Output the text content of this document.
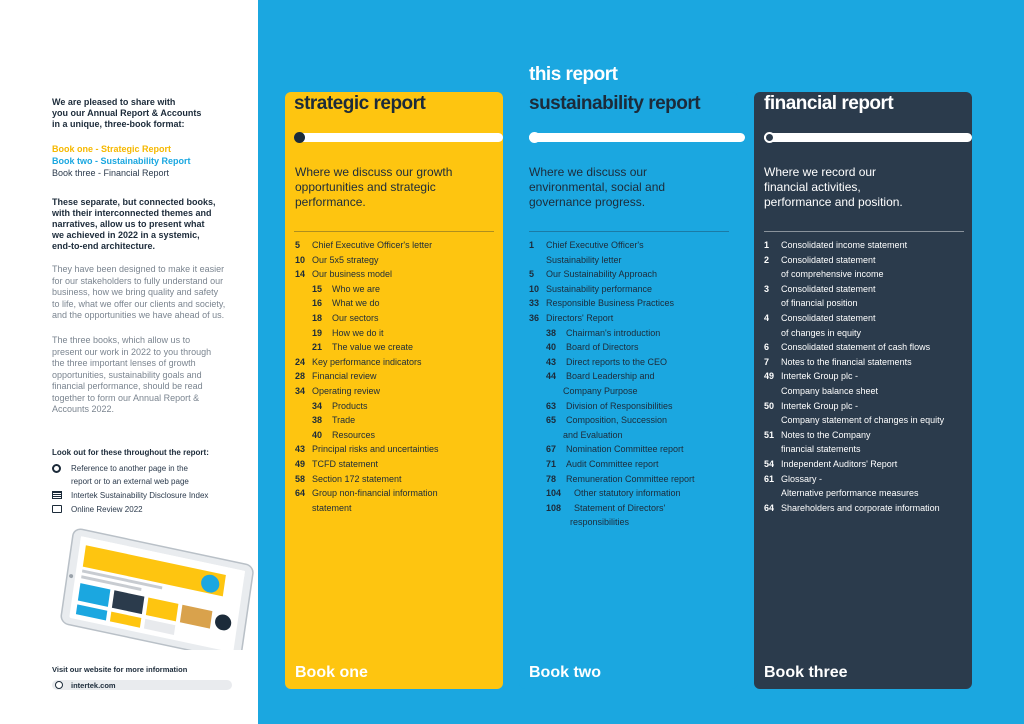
We are pleased to share with
you our Annual Report & Accounts
in a unique, three-book format:
Book one - Strategic Report
Book two - Sustainability Report
Book three - Financial Report
These separate, but connected books,
with their interconnected themes and
narratives, allow us to present what
we achieved in 2022 in a systemic,
end-to-end architecture.
They have been designed to make it easier
for our stakeholders to fully understand our
business, how we bring quality and safety
to life, what we offer our clients and society,
and the opportunities we have ahead of us.
The three books, which allow us to
present our work in 2022 to you through
the three important lenses of growth
opportunities, sustainability goals and
financial performance, should be read
together to form our Annual Report &
Accounts 2022.
Look out for these throughout the report:
Reference to another page in the
report or to an external web page
Intertek Sustainability Disclosure Index
Online Review 2022
Visit our website for more information
intertek.com
this report
strategic report	sustainability report	financial report
Where we discuss our growth
opportunities and strategic
performance.
Where we discuss our
environmental, social and
governance progress.
Where we record our
financial activities,
performance and position.
5	Chief Executive Officer's letter
10 Our 5x5 strategy
14 Our business model
15	Who we are
16	What we do
18	Our sectors
19	How we do it
21	The value we create
24 Key performance indicators
28 Financial review
34 Operating review
34	Products
38	Trade
40	Resources
43 Principal risks and uncertainties
49 TCFD statement
58 Section 172 statement
64 Group non-financial information
statement
1	Chief Executive Officer's
Sustainability letter
5	Our Sustainability Approach
10 Sustainability performance
33 Responsible Business Practices
36 Directors' Report
38	Chairman's introduction
40	Board of Directors
43	Direct reports to the CEO
44	Board Leadership and
Company Purpose
63	Division of Responsibilities
65	Composition, Succession
and Evaluation
67	Nomination Committee report
71	Audit Committee report
78	Remuneration Committee report
104	Other statutory information
108	Statement of Directors'
responsibilities
1	Consolidated income statement
2	Consolidated statement
of comprehensive income
3	Consolidated statement
of financial position
4	Consolidated statement
of changes in equity
6	Consolidated statement of cash flows
7	Notes to the financial statements
49 Intertek Group plc -
Company balance sheet
50 Intertek Group plc -
Company statement of changes in equity
51 Notes to the Company
financial statements
54 Independent Auditors' Report
61 Glossary -
Alternative performance measures
64 Shareholders and corporate information
Book one	Book two	Book three
